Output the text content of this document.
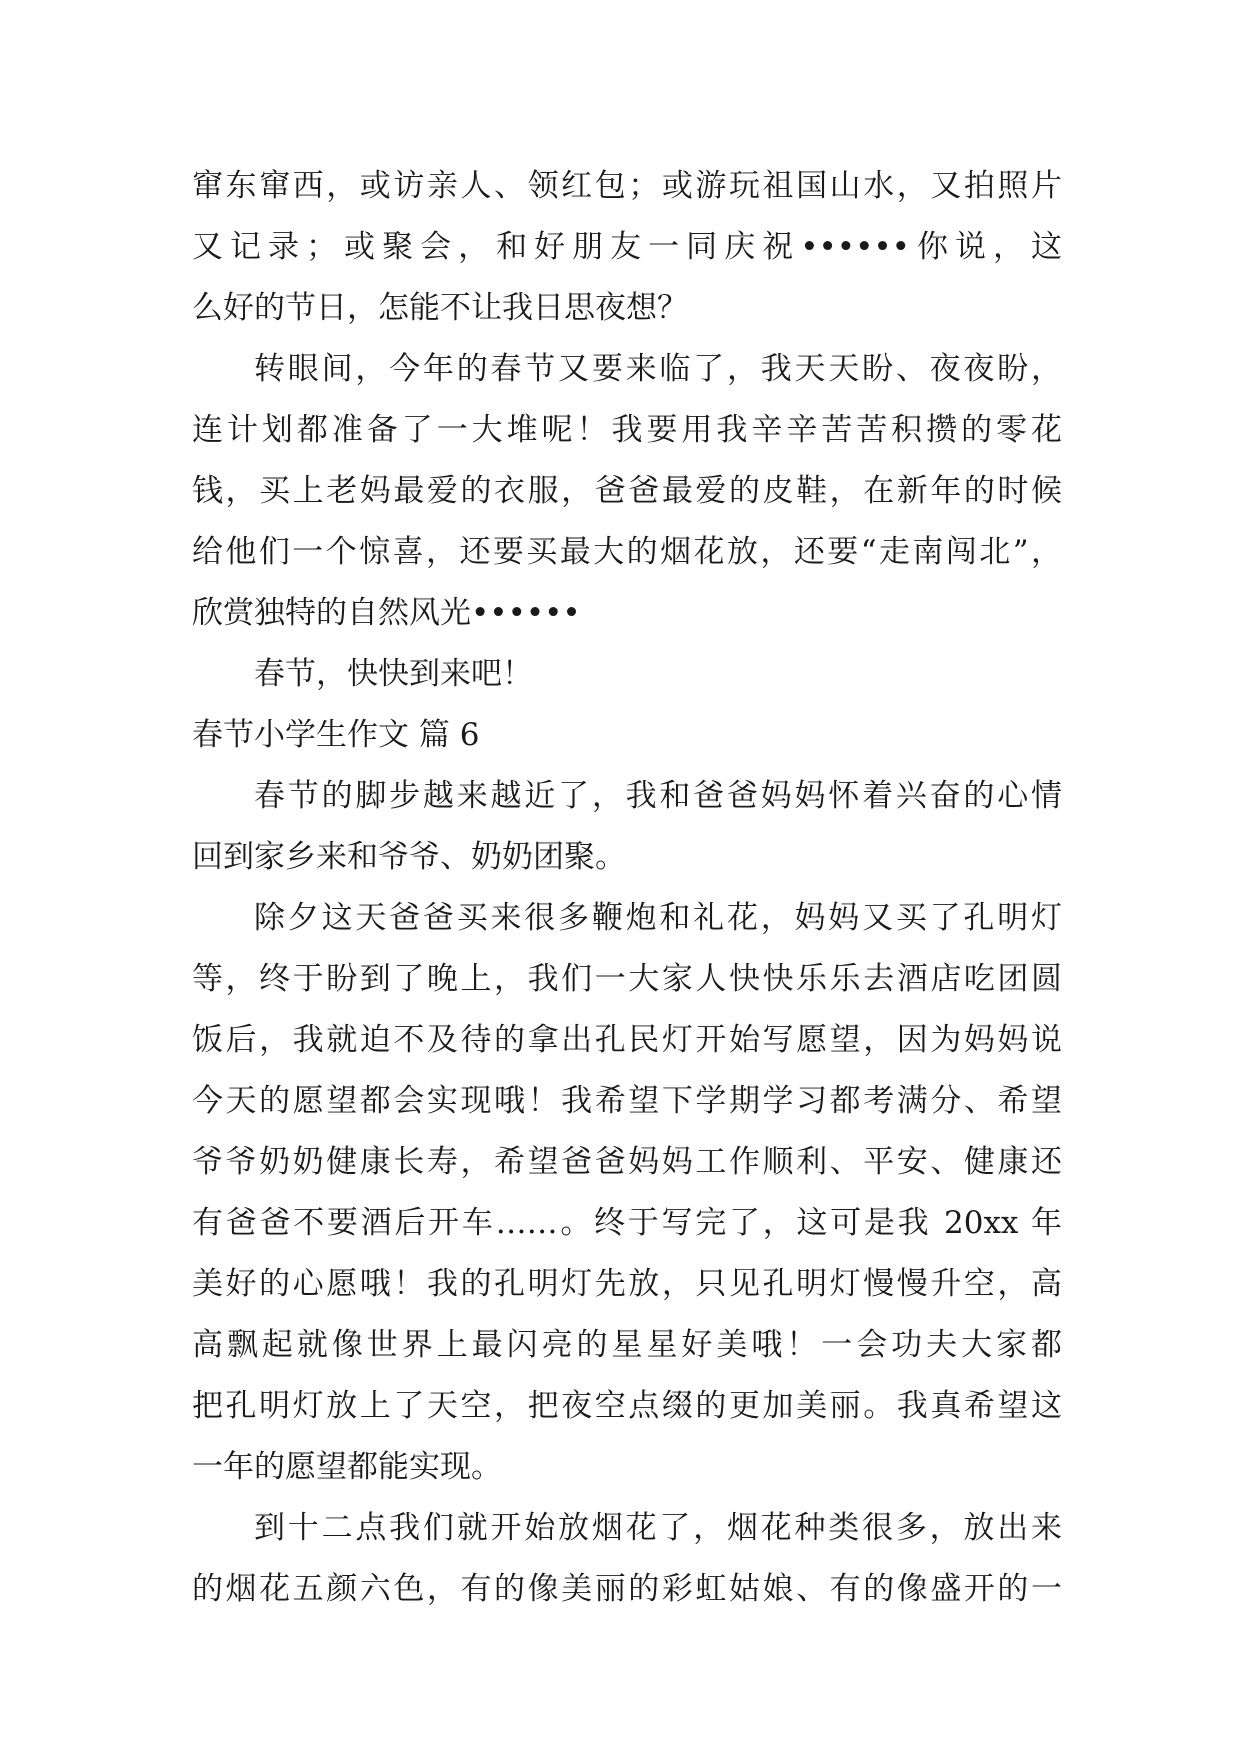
窜东窜西，或访亲人、领红包；或游玩祖国山水，又拍照片
又记录；或聚会，和好朋友一同庆祝••••••你说，这
么好的节日，怎能不让我日思夜想？
转眼间，今年的春节又要来临了，我天天盼、夜夜盼，
连计划都准备了一大堆呢！我要用我辛辛苦苦积攒的零花
钱，买上老妈最爱的衣服，爸爸最爱的皮鞋，在新年的时候
给他们一个惊喜，还要买最大的烟花放，还要“走南闯北”，
欣赏独特的自然风光••••••
春节，快快到来吧！
春节小学生作文 篇 6
春节的脚步越来越近了，我和爸爸妈妈怀着兴奋的心情
回到家乡来和爷爷、奶奶团聚。
除夕这天爸爸买来很多鞭炮和礼花，妈妈又买了孔明灯
等，终于盼到了晚上，我们一大家人快快乐乐去酒店吃团圆
饭后，我就迫不及待的拿出孔民灯开始写愿望，因为妈妈说
今天的愿望都会实现哦！我希望下学期学习都考满分、希望
爷爷奶奶健康长寿，希望爸爸妈妈工作顺利、平安、健康还
有爸爸不要酒后开车……。终于写完了，这可是我 20xx 年
美好的心愿哦！我的孔明灯先放，只见孔明灯慢慢升空，高
高飘起就像世界上最闪亮的星星好美哦！一会功夫大家都
把孔明灯放上了天空，把夜空点缀的更加美丽。我真希望这
一年的愿望都能实现。
到十二点我们就开始放烟花了，烟花种类很多，放出来
的烟花五颜六色，有的像美丽的彩虹姑娘、有的像盛开的一
